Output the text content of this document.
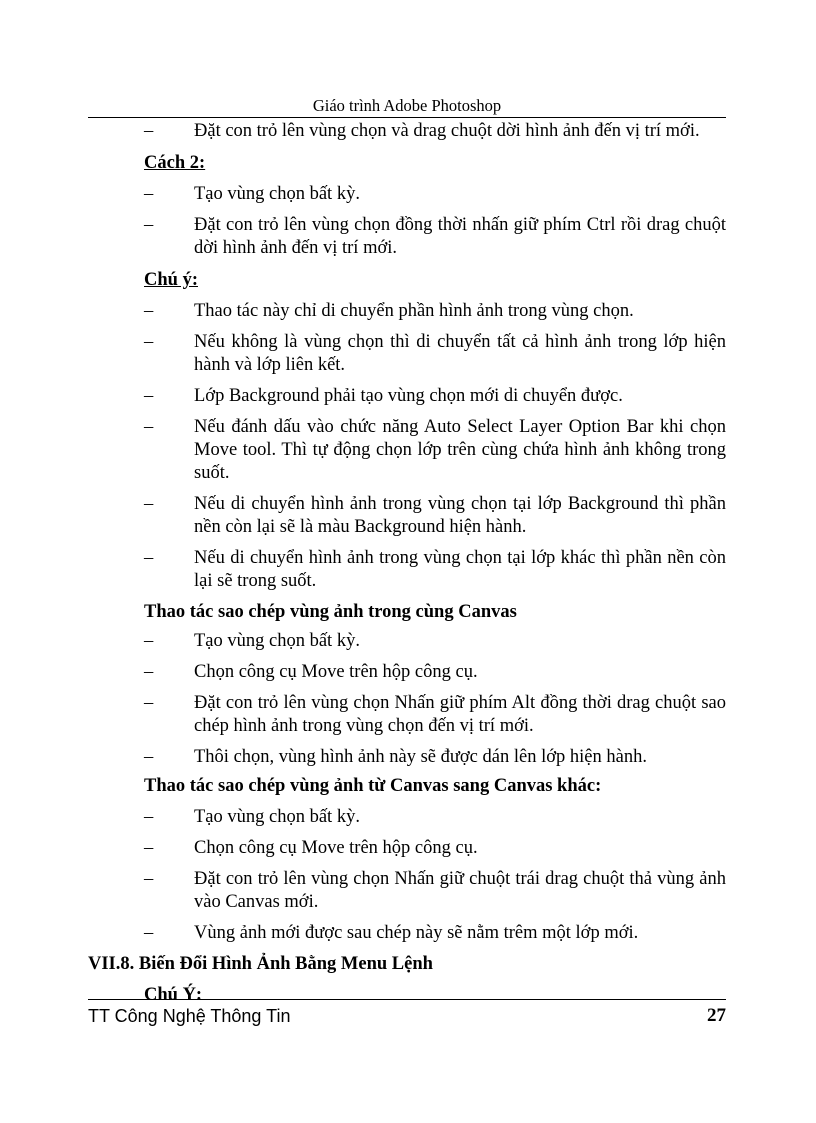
Giáo trình Adobe Photoshop
– Đặt con trỏ lên vùng chọn và drag chuột dời hình ảnh đến vị trí mới.
Cách 2:
– Tạo vùng chọn bất kỳ.
– Đặt con trỏ lên vùng chọn đồng thời nhấn giữ phím Ctrl rồi drag chuột dời hình ảnh đến vị trí mới.
Chú ý:
– Thao tác này chỉ di chuyển phần hình ảnh trong vùng chọn.
– Nếu không là vùng chọn thì di chuyển tất cả hình ảnh trong lớp hiện hành và lớp liên kết.
– Lớp Background phải tạo vùng chọn mới di chuyển được.
– Nếu đánh dấu vào chức năng Auto Select Layer Option Bar khi chọn Move tool. Thì tự động chọn lớp trên cùng chứa hình ảnh không trong suốt.
– Nếu di chuyển hình ảnh trong vùng chọn tại lớp Background thì phần nền còn lại sẽ là màu Background hiện hành.
– Nếu di chuyển hình ảnh trong vùng chọn tại lớp khác thì phần nền còn lại sẽ trong suốt.
Thao tác sao chép vùng ảnh trong cùng Canvas
– Tạo vùng chọn bất kỳ.
– Chọn công cụ Move trên hộp công cụ.
– Đặt con trỏ lên vùng chọn Nhấn giữ phím Alt đồng thời drag chuột sao chép hình ảnh trong vùng chọn đến vị trí mới.
– Thôi chọn, vùng hình ảnh này sẽ được dán lên lớp hiện hành.
Thao tác sao chép vùng ảnh từ Canvas sang Canvas khác:
– Tạo vùng chọn bất kỳ.
– Chọn công cụ Move trên hộp công cụ.
– Đặt con trỏ lên vùng chọn Nhấn giữ chuột trái drag chuột thả vùng ảnh vào Canvas mới.
– Vùng ảnh mới được sau chép này sẽ nằm trêm một lớp mới.
VII.8. Biến Đổi Hình Ảnh Bằng Menu Lệnh
Chú Ý:
TT Công Nghệ Thông Tin	27
